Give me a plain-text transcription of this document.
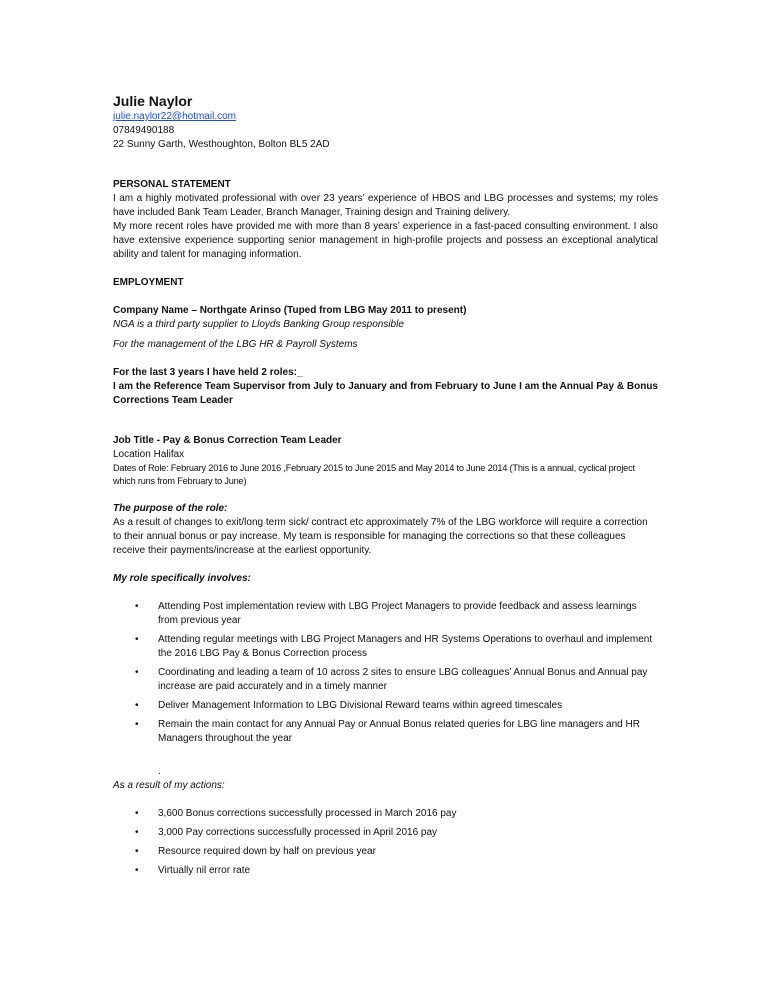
Julie Naylor
julie.naylor22@hotmail.com
07849490188
22 Sunny Garth, Westhoughton, Bolton BL5 2AD
PERSONAL STATEMENT
I am a highly motivated professional with over 23 years’ experience of HBOS and LBG processes and systems; my roles have included Bank Team Leader, Branch Manager, Training design and Training delivery.
My more recent roles have provided me with more than 8 years’ experience in a fast-paced consulting environment. I also have extensive experience supporting senior management in high-profile projects and possess an exceptional analytical ability and talent for managing information.
EMPLOYMENT
Company Name – Northgate Arinso (Tuped from LBG May 2011 to present)
NGA is a third party supplier to Lloyds Banking Group responsible
For the management of the LBG HR & Payroll Systems
For the last 3 years I have held 2 roles:_
I am the Reference Team Supervisor from July to January and from February to June I am the Annual Pay & Bonus Corrections Team Leader
Job Title - Pay & Bonus Correction Team Leader
Location Halifax
Dates of Role: February 2016 to June 2016 ,February 2015 to June 2015 and May 2014 to June 2014 (This is a annual, cyclical project which runs from February to June)
The purpose of the role:
As a result of changes to exit/long term sick/ contract etc approximately 7% of the LBG workforce will require a correction to their annual bonus or pay increase. My team is responsible for managing the corrections so that these colleagues receive their payments/increase at the earliest opportunity.
My role specifically involves:
• Attending Post implementation review with LBG Project Managers to provide feedback and assess learnings from previous year
• Attending regular meetings with LBG Project Managers and HR Systems Operations to overhaul and implement the 2016 LBG Pay & Bonus Correction process
• Coordinating and leading a team of 10 across 2 sites to ensure LBG colleagues’ Annual Bonus and Annual pay increase are paid accurately and in a timely manner
• Deliver Management Information to LBG Divisional Reward teams within agreed timescales
• Remain the main contact for any Annual Pay or Annual Bonus related queries for LBG line managers and HR Managers throughout the year
.
As a result of my actions:
• 3,600 Bonus corrections successfully processed in March 2016 pay
• 3,000 Pay corrections successfully processed in April 2016 pay
• Resource required down by half on previous year
• Virtually nil error rate
